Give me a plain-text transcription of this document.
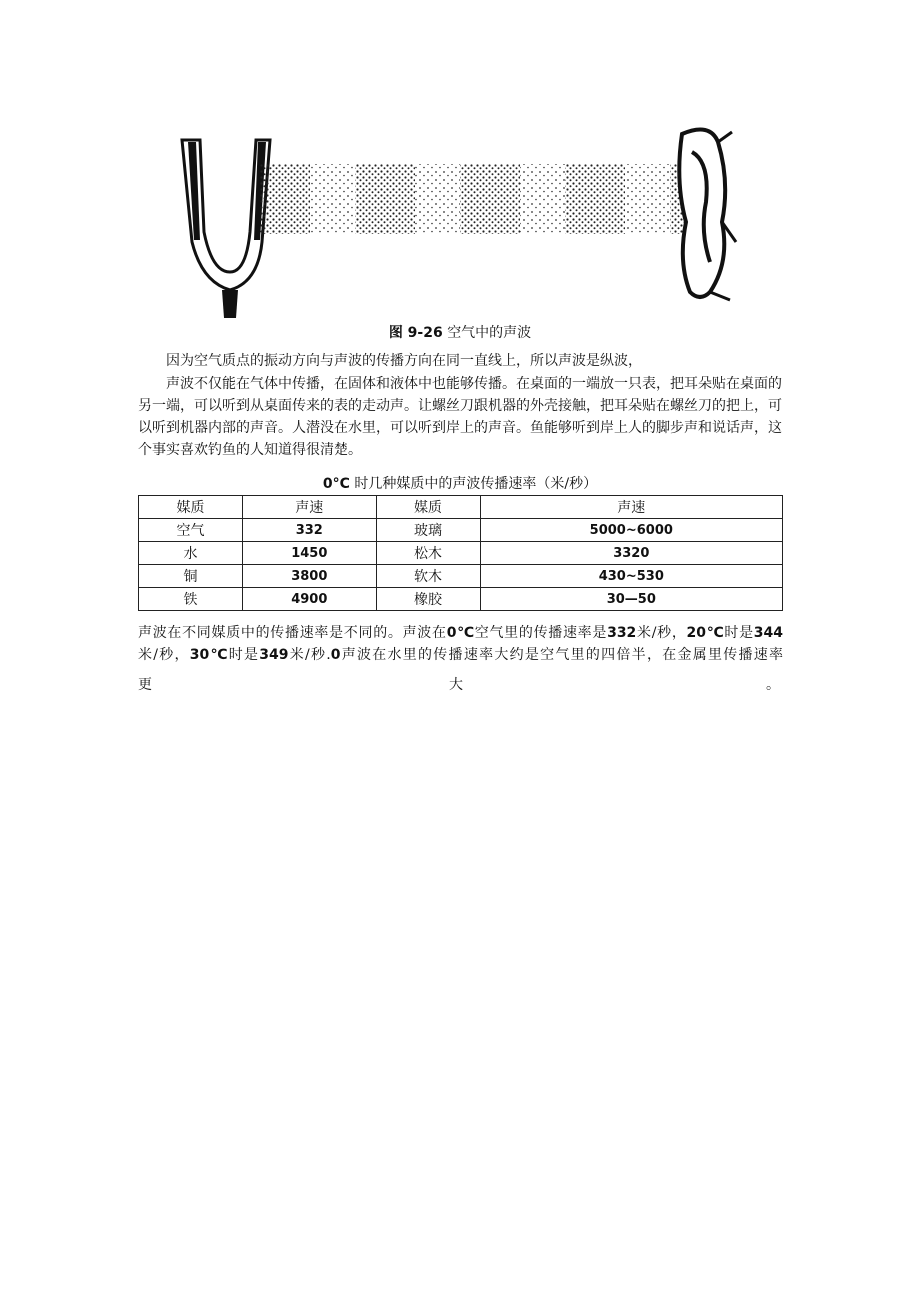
图 9-26 空气中的声波
因为空气质点的振动方向与声波的传播方向在同一直线上，所以声波是纵波，
声波不仅能在气体中传播，在固体和液体中也能够传播。在桌面的一端放一只表，把耳朵贴在桌面的另一端，可以听到从桌面传来的表的走动声。让螺丝刀跟机器的外壳接触，把耳朵贴在螺丝刀的把上，可以听到机器内部的声音。人潜没在水里，可以听到岸上的声音。鱼能够听到岸上人的脚步声和说话声，这个事实喜欢钓鱼的人知道得很清楚。
0°C 时几种媒质中的声波传播速率（米/秒）
媒质	声速	媒质	声速
空气	332	玻璃	5000~6000
水	1450	松木	3320
铜	3800	软木	430~530
铁	4900	橡胶	30—50
声波在不同媒质中的传播速率是不同的。声波在0℃空气里的传播速率是332米/秒，20℃时是344
米/秒，30℃时是349米/秒.0声波在水里的传播速率大约是空气里的四倍半，在金属里传播速率
更	大	。
